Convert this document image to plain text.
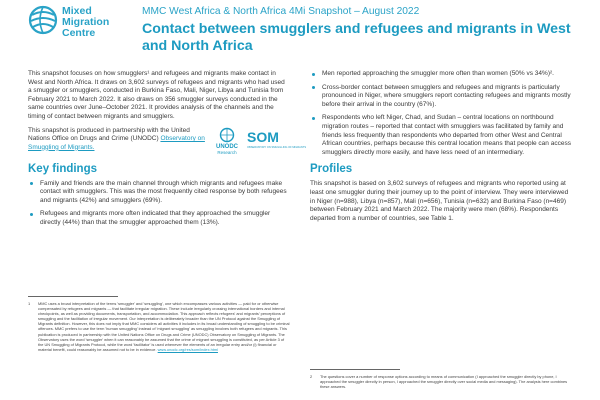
Mixed
Migration
Centre
MMC West Africa & North Africa 4Mi Snapshot – August 2022
Contact between smugglers and refugees and migrants in West and North Africa

This snapshot focuses on how smugglers¹ and refugees and migrants make contact in West and North Africa. It draws on 3,602 surveys of refugees and migrants who had used a smuggler or smugglers, conducted in Burkina Faso, Mali, Niger, Libya and Tunisia from February 2021 to March 2022. It also draws on 356 smuggler surveys conducted in the same countries over June–October 2021. It provides analysis of the channels and the timing of contact between migrants and smugglers.

This snapshot is produced in partnership with the United Nations Office on Drugs and Crime (UNODC) Observatory on Smuggling of Migrants.	UNODC
Research
SOM
OBSERVATORY ON SMUGGLING OF MIGRANTS
Key findings
Family and friends are the main channel through which migrants and refugees make contact with smugglers. This was the most frequently cited response by both refugees and migrants (42%) and smugglers (69%).
Refugees and migrants more often indicated that they approached the smuggler directly (44%) than that the smuggler approached them (13%).
Men reported approaching the smuggler more often than women (50% vs 34%)².
Cross-border contact between smugglers and refugees and migrants is particularly pronounced in Niger, where smugglers report contacting refugees and migrants mostly before their arrival in the country (67%).
Respondents who left Niger, Chad, and Sudan – central locations on northbound migration routes – reported that contact with smugglers was facilitated by family and friends less frequently than respondents who departed from other West and Central African countries, perhaps because this central location means that people can access smugglers directly more easily, and have less need of an intermediary.
Profiles

This snapshot is based on 3,602 surveys of refugees and migrants who reported using at least one smuggler during their journey up to the point of interview. They were interviewed in Niger (n=988), Libya (n=857), Mali (n=656), Tunisia (n=632) and Burkina Faso (n=469) between February 2021 and March 2022. The majority were men (68%). Respondents departed from a number of countries, see Table 1.

1 MMC uses a broad interpretation of the terms 'smuggler' and 'smuggling', one which encompasses various activities — paid for or otherwise compensated by refugees and migrants — that facilitate irregular migration. These include irregularly crossing international borders and internal checkpoints, as well as providing documents, transportation, and accommodation. This approach reflects refugees' and migrants' perceptions of smuggling and the facilitation of irregular movement. Our interpretation is deliberately broader than the UN Protocol against the Smuggling of Migrants definition. However, this does not imply that MMC considers all activities it includes in its broad understanding of smuggling to be criminal offences. MMC prefers to use the term 'human smuggling' instead of 'migrant smuggling' as smuggling involves both refugees and migrants. This publication is produced in partnership with the United Nations Office on Drugs and Crime (UNODC) Observatory on Smuggling of Migrants. The Observatory uses the word 'smuggler' when it can reasonably be assumed that the crime of migrant smuggling is constituted, as per Article 3 of the UN Smuggling of Migrants Protocol, while the word 'facilitator' is used whenever the elements of an irregular entry and/or (i) financial or material benefit, could reasonably be assumed not to be in evidence. www.unodc.org/res/som/index.html
2 The questions cover a number of response options according to means of communication (I approached the smuggler directly by phone, I approached the smuggler directly in person, I approached the smuggler directly over social media and messaging). The analysis here combines these answers.
